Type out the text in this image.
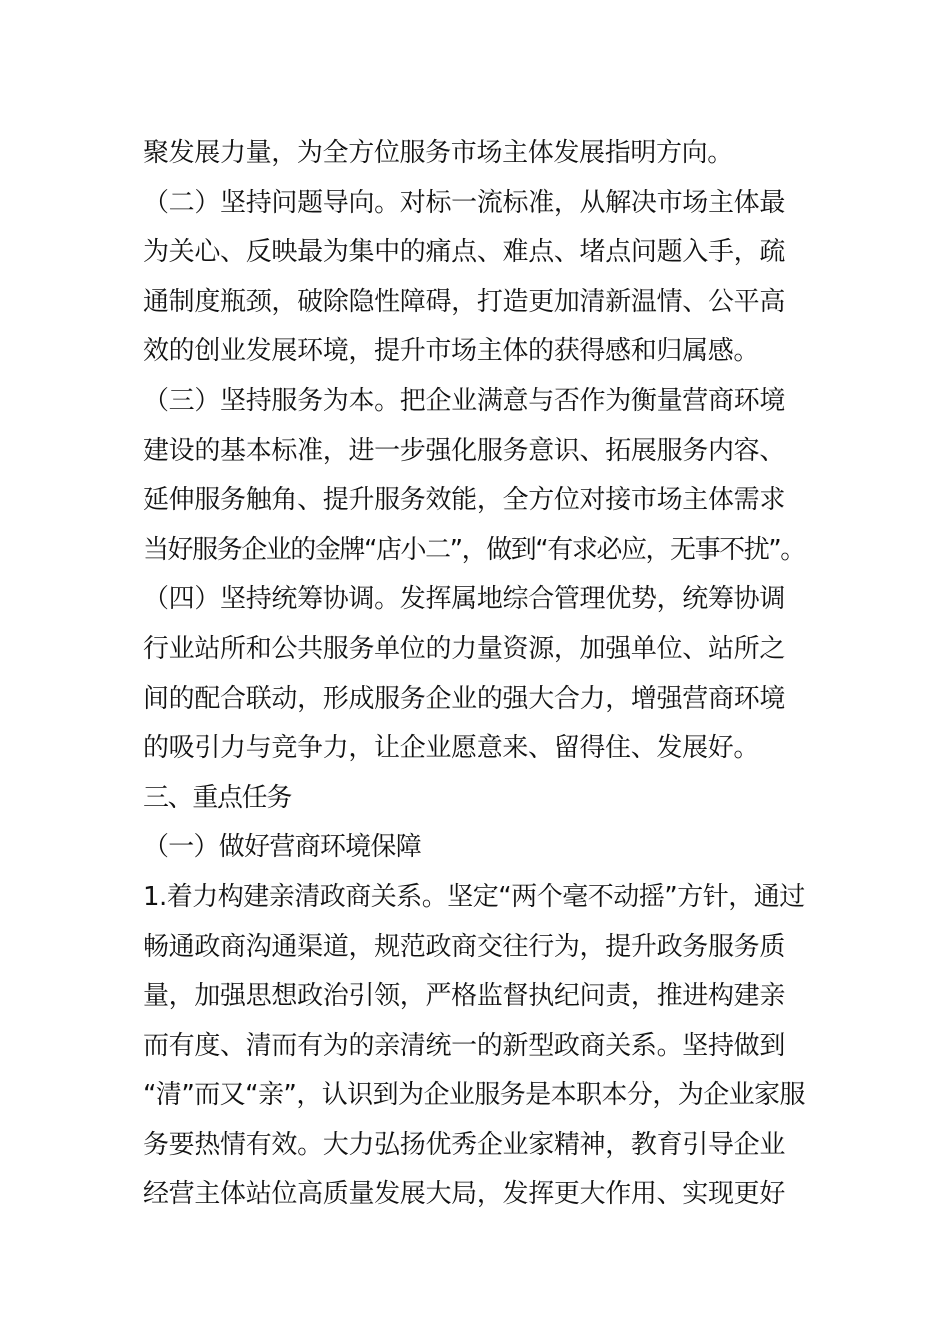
聚发展力量，为全方位服务市场主体发展指明方向。
（二）坚持问题导向。对标一流标准，从解决市场主体最
为关心、反映最为集中的痛点、难点、堵点问题入手，疏
通制度瓶颈，破除隐性障碍，打造更加清新温情、公平高
效的创业发展环境，提升市场主体的获得感和归属感。
（三）坚持服务为本。把企业满意与否作为衡量营商环境
建设的基本标准，进一步强化服务意识、拓展服务内容、
延伸服务触角、提升服务效能，全方位对接市场主体需求
当好服务企业的金牌“店小二”，做到“有求必应，无事不扰”。
（四）坚持统筹协调。发挥属地综合管理优势，统筹协调
行业站所和公共服务单位的力量资源，加强单位、站所之
间的配合联动，形成服务企业的强大合力，增强营商环境
的吸引力与竞争力，让企业愿意来、留得住、发展好。
三、重点任务
（一）做好营商环境保障
1.着力构建亲清政商关系。坚定“两个毫不动摇”方针，通过
畅通政商沟通渠道，规范政商交往行为，提升政务服务质
量，加强思想政治引领，严格监督执纪问责，推进构建亲
而有度、清而有为的亲清统一的新型政商关系。坚持做到
“清”而又“亲”，认识到为企业服务是本职本分，为企业家服
务要热情有效。大力弘扬优秀企业家精神，教育引导企业
经营主体站位高质量发展大局，发挥更大作用、实现更好
